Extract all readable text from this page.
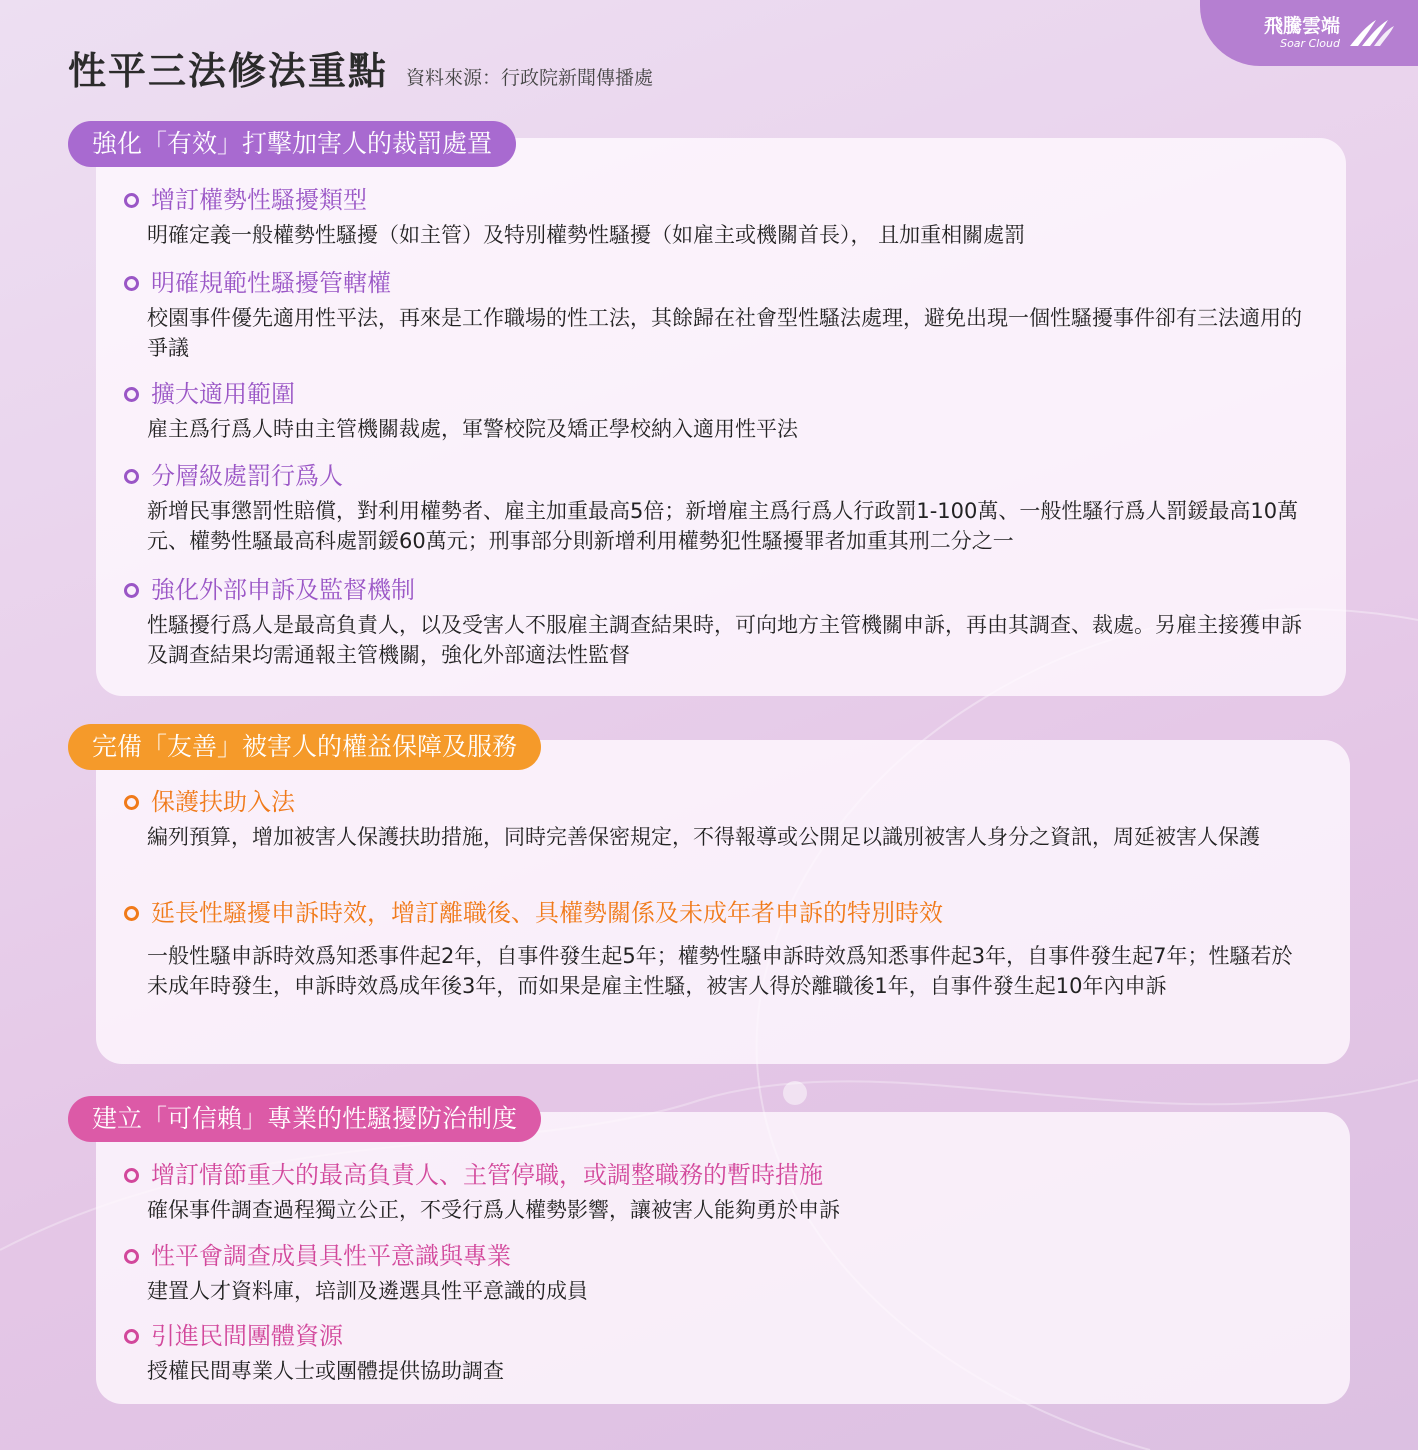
性平三法修法重點 資料來源：行政院新聞傳播處
飛騰雲端
Soar Cloud
強化「有效」打擊加害人的裁罰處置
增訂權勢性騷擾類型
明確定義一般權勢性騷擾（如主管）及特別權勢性騷擾（如雇主或機關首長）， 且加重相關處罰
明確規範性騷擾管轄權
校園事件優先適用性平法，再來是工作職場的性工法，其餘歸在社會型性騷法處理，避免出現一個性騷擾事件卻有三法適用的爭議
擴大適用範圍
雇主爲行爲人時由主管機關裁處，軍警校院及矯正學校納入適用性平法
分層級處罰行爲人
新增民事懲罰性賠償，對利用權勢者、雇主加重最高5倍；新增雇主爲行爲人行政罰1-100萬、一般性騷行爲人罰鍰最高10萬元、權勢性騷最高科處罰鍰60萬元；刑事部分則新增利用權勢犯性騷擾罪者加重其刑二分之一
強化外部申訴及監督機制
性騷擾行爲人是最高負責人，以及受害人不服雇主調查結果時，可向地方主管機關申訴，再由其調查、裁處。另雇主接獲申訴及調查結果均需通報主管機關，強化外部適法性監督
完備「友善」被害人的權益保障及服務
保護扶助入法
編列預算，增加被害人保護扶助措施，同時完善保密規定，不得報導或公開足以識別被害人身分之資訊，周延被害人保護
延長性騷擾申訴時效，增訂離職後、具權勢關係及未成年者申訴的特別時效
一般性騷申訴時效爲知悉事件起2年，自事件發生起5年；權勢性騷申訴時效爲知悉事件起3年，自事件發生起7年；性騷若於未成年時發生，申訴時效爲成年後3年，而如果是雇主性騷，被害人得於離職後1年，自事件發生起10年內申訴
建立「可信賴」專業的性騷擾防治制度
增訂情節重大的最高負責人、主管停職，或調整職務的暫時措施
確保事件調查過程獨立公正，不受行爲人權勢影響，讓被害人能夠勇於申訴
性平會調查成員具性平意識與專業
建置人才資料庫，培訓及遴選具性平意識的成員
引進民間團體資源
授權民間專業人士或團體提供協助調查
